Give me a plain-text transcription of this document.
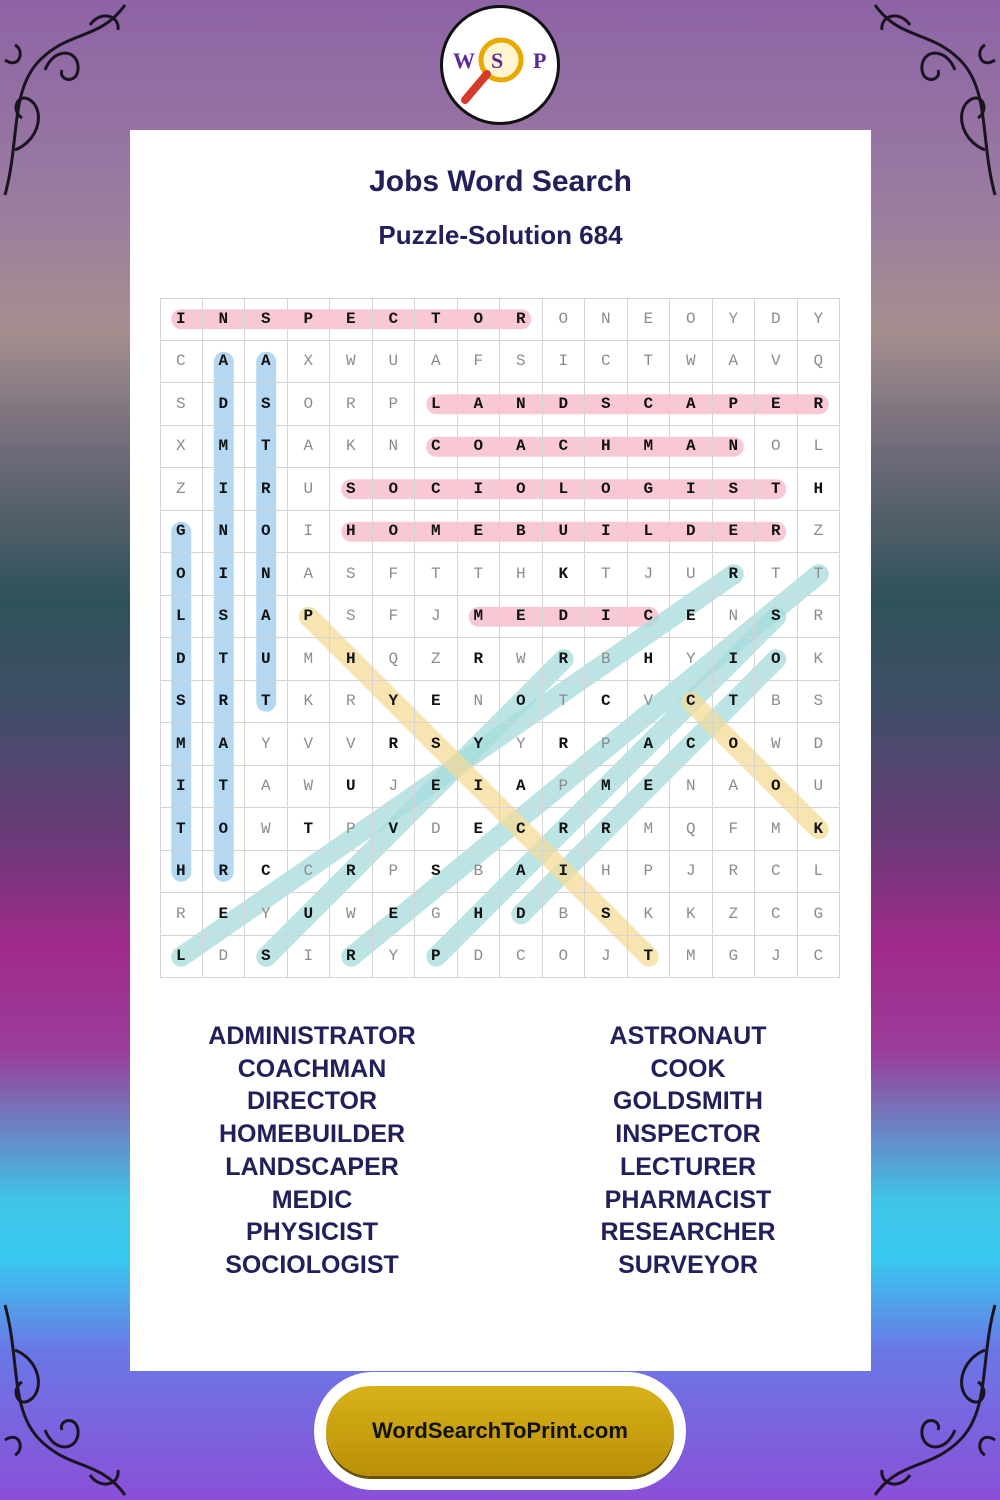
W S P
Jobs Word Search
Puzzle-Solution 684
I	N	S	P	E	C	T	O	R	O	N	E	O	Y	D	Y
C	A	A	X	W	U	A	F	S	I	C	T	W	A	V	Q
S	D	S	O	R	P	L	A	N	D	S	C	A	P	E	R
X	M	T	A	K	N	C	O	A	C	H	M	A	N	O	L
Z	I	R	U	S	O	C	I	O	L	O	G	I	S	T	H
G	N	O	I	H	O	M	E	B	U	I	L	D	E	R	Z
O	I	N	A	S	F	T	T	H	K	T	J	U	R	T	T
L	S	A	P	S	F	J	M	E	D	I	C	E	N	S	R
D	T	U	M	H	Q	Z	R	W	R	B	H	Y	I	O	K
S	R	T	K	R	Y	E	N	O	T	C	V	C	T	B	S
M	A	Y	V	V	R	S	Y	Y	R	P	A	C	O	W	D
I	T	A	W	U	J	E	I	A	P	M	E	N	A	O	U
T	O	W	T	P	V	D	E	C	R	R	M	Q	F	M	K
H	R	C	C	R	P	S	B	A	I	H	P	J	R	C	L
R	E	Y	U	W	E	G	H	D	B	S	K	K	Z	C	G
L	D	S	I	R	Y	P	D	C	O	J	T	M	G	J	C
ADMINISTRATOR
COACHMAN
DIRECTOR
HOMEBUILDER
LANDSCAPER
MEDIC
PHYSICIST
SOCIOLOGIST
ASTRONAUT
COOK
GOLDSMITH
INSPECTOR
LECTURER
PHARMACIST
RESEARCHER
SURVEYOR
WordSearchToPrint.com
